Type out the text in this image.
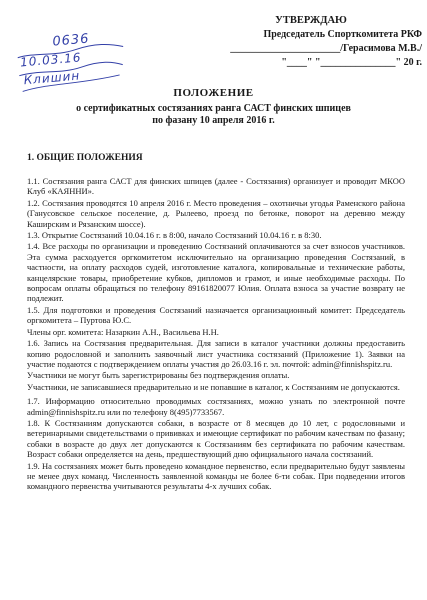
0636
10.03.16
Клишин
УТВЕРЖДАЮ
Председатель Спорткомитета РКФ
______________________/Герасимова М.В./
"____" "_______________" 20 г.
ПОЛОЖЕНИЕ
о сертификатных состязаниях ранга САСТ финских шпицев
по фазану 10 апреля 2016 г.
1. ОБЩИЕ ПОЛОЖЕНИЯ

1.1. Состязания ранга САСТ для финских шпицев (далее - Состязания) организует и проводит МКОО Клуб «КАЯННИ».

1.2. Состязания проводятся 10 апреля 2016 г. Место проведения – охотничьи угодья Раменского района (Ганусовское сельское поселение, д. Рылеево, проезд по бетонке, поворот на деревню между Каширским и Рязанским шоссе).

1.3. Открытие Состязаний 10.04.16 г. в 8:00, начало Состязаний 10.04.16 г. в 8:30.

1.4. Все расходы по организации и проведению Состязаний оплачиваются за счет взносов участников. Эта сумма расходуется оргкомитетом исключительно на организацию проведения Состязаний, в частности, на оплату расходов судей, изготовление каталога, копировальные и технические работы, канцелярские товары, приобретение кубков, дипломов и грамот, и иные необходимые расходы. По вопросам оплаты обращаться по телефону 89161820077 Юлия. Оплата взноса за участие возврату не подлежит.

1.5. Для подготовки и проведения Состязаний назначается организационный комитет: Председатель оргкомитета – Пуртова Ю.С.

Члены орг. комитета: Назаркин А.Н., Васильева Н.Н.

1.6. Запись на Состязания предварительная. Для записи в каталог участники должны предоставить копию родословной и заполнить заявочный лист участника состязаний (Приложение 1). Заявки на участие подаются с подтверждением оплаты участия до 26.03.16 г. эл. почтой: admin@finnishspitz.ru.

Участники не могут быть зарегистрированы без подтверждения оплаты.

Участники, не записавшиеся предварительно и не попавшие в каталог, к Состязаниям не допускаются.

1.7. Информацию относительно проводимых состязаниях, можно узнать по электронной почте admin@finnishspitz.ru или по телефону 8(495)7733567.

1.8. К Состязаниям допускаются собаки, в возрасте от 8 месяцев до 10 лет, с родословными и ветеринарными свидетельствами о прививках и имеющие сертификат по рабочим качествам по фазану; собаки в возрасте до двух лет допускаются к Состязаниям без сертификата по рабочим качествам. Возраст собаки определяется на день, предшествующий дню официального начала состязаний.

1.9. На состязаниях может быть проведено командное первенство, если предварительно будут заявлены не менее двух команд. Численность заявленной команды не более 6-ти собак. При подведении итогов командного первенства учитываются результаты 4-х лучших собак.
